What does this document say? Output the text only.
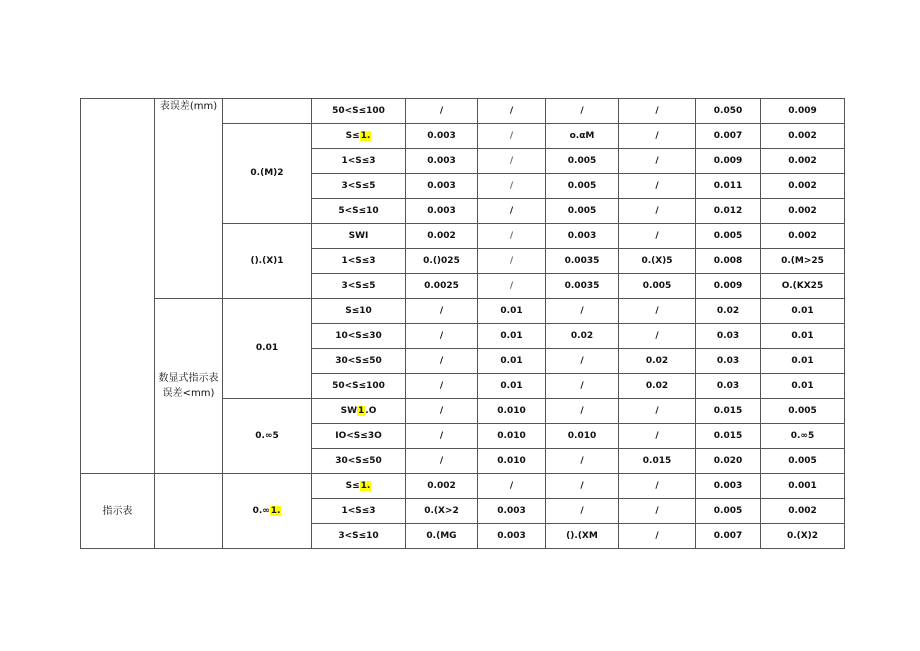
	表误差(mm)		50<S≤100	/	/	/	/	0.050	0.009
		0.(M)2	S≤1.	0.003	/	o.αM	/	0.007	0.002
			1<S≤3	0.003	/	0.005	/	0.009	0.002
			3<S≤5	0.003	/	0.005	/	0.011	0.002
			5<S≤10	0.003	/	0.005	/	0.012	0.002
		().(X)1	SWI	0.002	/	0.003	/	0.005	0.002
			1<S≤3	0.()025	/	0.0035	0.(X)5	0.008	0.(M>25
			3<S≤5	0.0025	/	0.0035	0.005	0.009	O.(KX25
	数显式指示表误差<mm)	0.01	S≤10	/	0.01	/	/	0.02	0.01
			10<S≤30	/	0.01	0.02	/	0.03	0.01
			30<S≤50	/	0.01	/	0.02	0.03	0.01
			50<S≤100	/	0.01	/	0.02	0.03	0.01
		0.∞5	SW1.O	/	0.010	/	/	0.015	0.005
			IO<S≤3O	/	0.010	0.010	/	0.015	0.∞5
			30<S≤50	/	0.010	/	0.015	0.020	0.005
指示表		0.∞1.	S≤1.	0.002	/	/	/	0.003	0.001
			1<S≤3	0.(X>2	0.003	/	/	0.005	0.002
			3<S≤10	0.(MG	0.003	().(XM	/	0.007	0.(X)2
